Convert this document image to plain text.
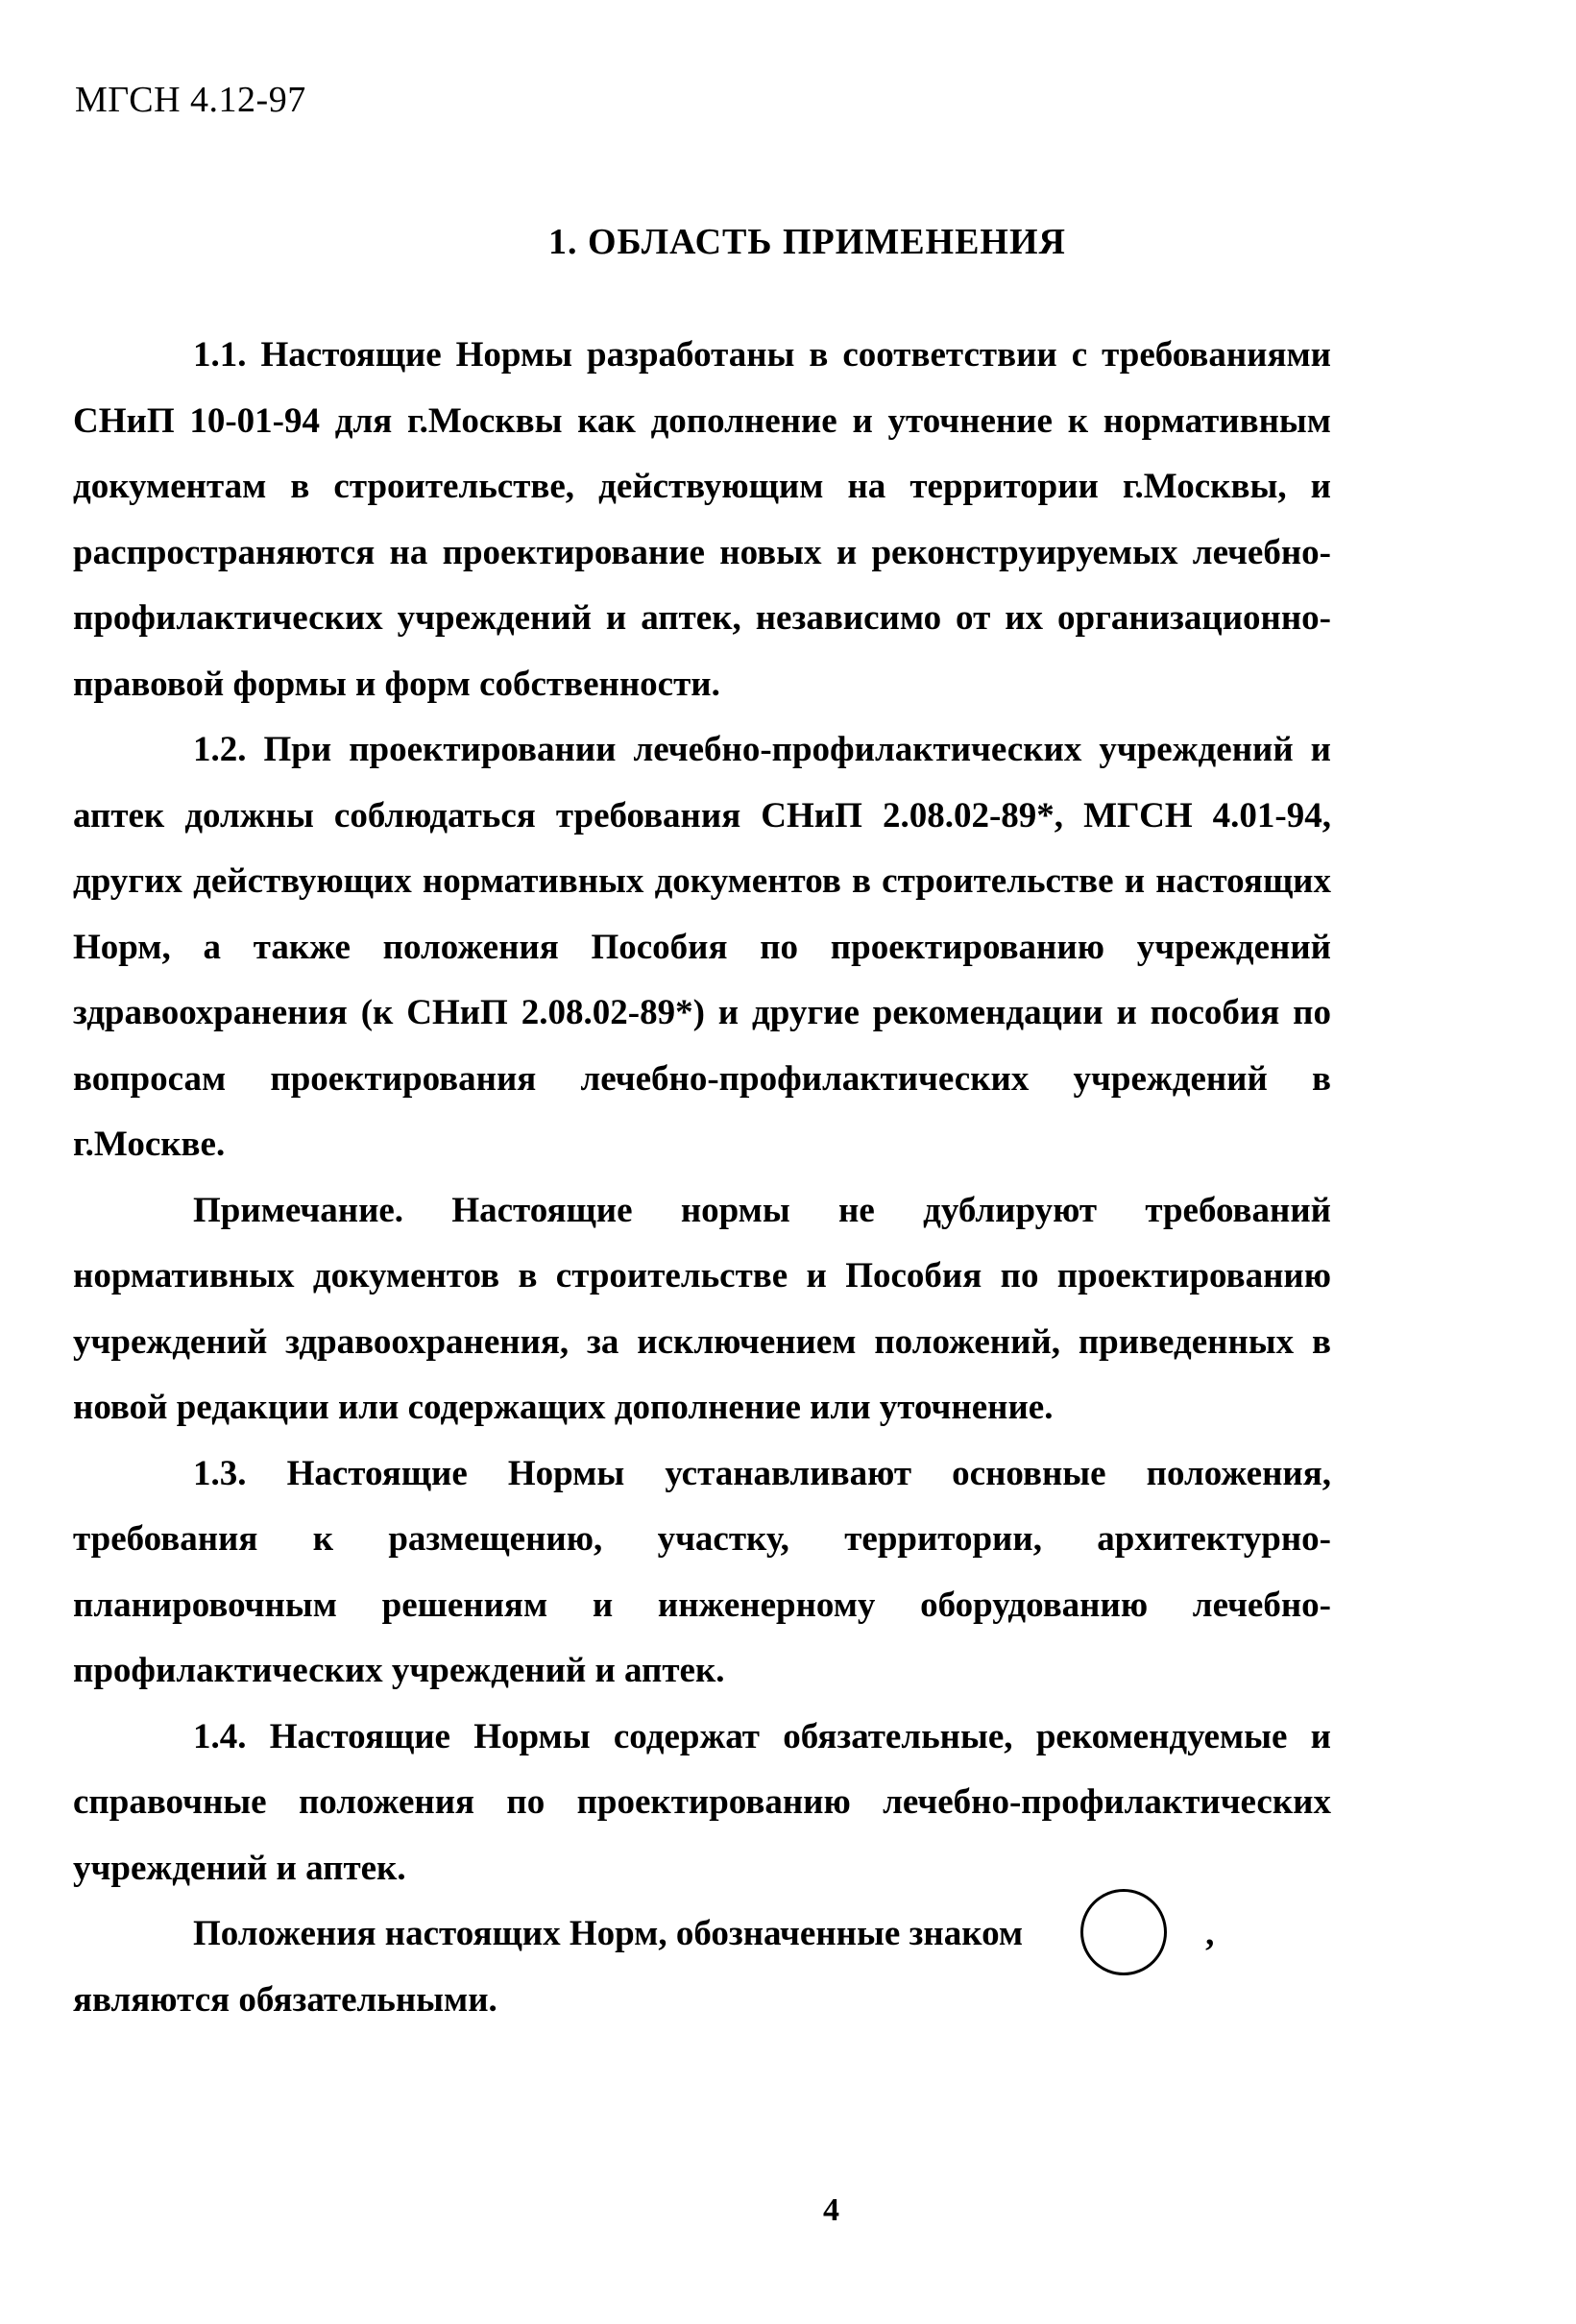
МГСН 4.12-97
1. ОБЛАСТЬ ПРИМЕНЕНИЯ

1.1. Настоящие Нормы разработаны в соответствии с требованиями СНиП 10-01-94 для г.Москвы как дополнение и уточнение к нормативным документам в строительстве, действующим на территории г.Москвы, и распространяются на проектирование новых и реконструируемых лечебно-профилактических учреждений и аптек, независимо от их организационно-правовой формы и форм собственности.

1.2. При проектировании лечебно-профилактических учреждений и аптек должны соблюдаться требования СНиП 2.08.02-89*, МГСН 4.01-94, других действующих нормативных документов в строительстве и настоящих Норм, а также положения Пособия по проектированию учреждений здравоохранения (к СНиП 2.08.02-89*) и другие рекомендации и пособия по вопросам проектирования лечебно-профилактических учреждений в г.Москве.

Примечание. Настоящие нормы не дублируют требований нормативных документов в строительстве и Пособия по проектированию учреждений здравоохранения, за исключением положений, приведенных в новой редакции или содержащих дополнение или уточнение.

1.3. Настоящие Нормы устанавливают основные положения, требования к размещению, участку, территории, архитектурно-планировочным решениям и инженерному оборудованию лечебно-профилактических учреждений и аптек.

1.4. Настоящие Нормы содержат обязательные, рекомендуемые и справочные положения по проектированию лечебно-профилактических учреждений и аптек.

Положения настоящих Норм, обозначенные знаком	,
являются обязательными.

4
